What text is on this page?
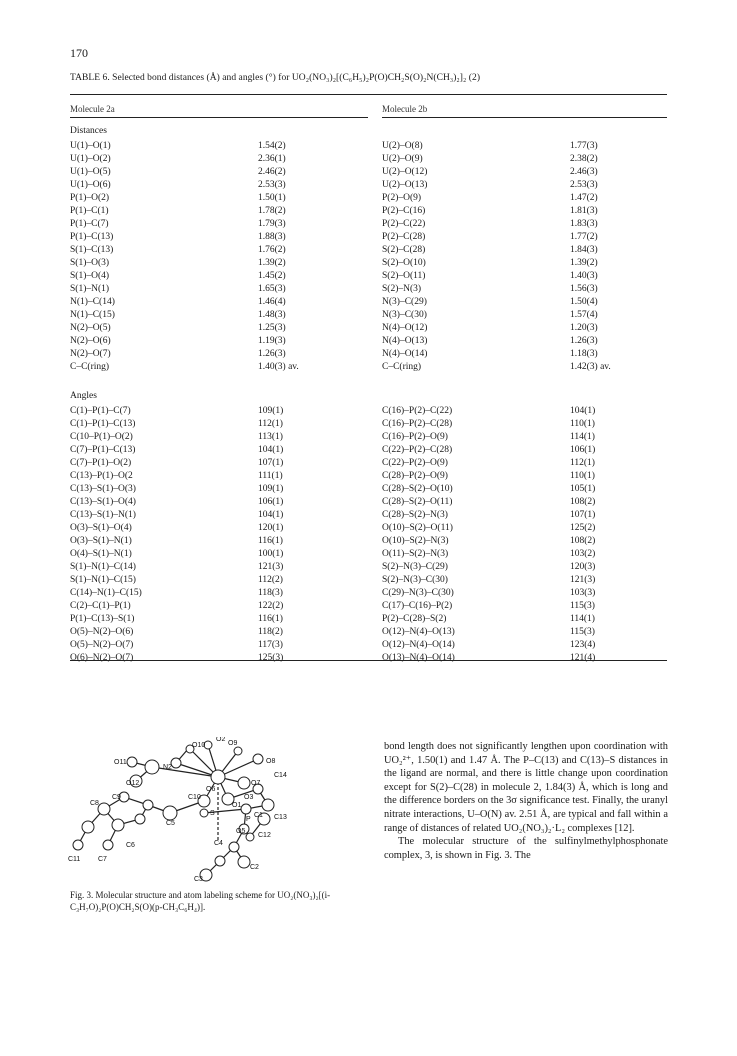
170
TABLE 6. Selected bond distances (Å) and angles (°) for UO₂(NO₃)₂[(C₆H₅)₂P(O)CH₂S(O)₂N(CH₃)₂]₂ (2)
Molecule 2a	Molecule 2b
Distances
U(1)–O(1)	1.54(2)	U(2)–O(8)	1.77(3)
U(1)–O(2)	2.36(1)	U(2)–O(9)	2.38(2)
U(1)–O(5)	2.46(2)	U(2)–O(12)	2.46(3)
U(1)–O(6)	2.53(3)	U(2)–O(13)	2.53(3)
P(1)–O(2)	1.50(1)	P(2)–O(9)	1.47(2)
P(1)–C(1)	1.78(2)	P(2)–C(16)	1.81(3)
P(1)–C(7)	1.79(3)	P(2)–C(22)	1.83(3)
P(1)–C(13)	1.88(3)	P(2)–C(28)	1.77(2)
S(1)–C(13)	1.76(2)	S(2)–C(28)	1.84(3)
S(1)–O(3)	1.39(2)	S(2)–O(10)	1.39(2)
S(1)–O(4)	1.45(2)	S(2)–O(11)	1.40(3)
S(1)–N(1)	1.65(3)	S(2)–N(3)	1.56(3)
N(1)–C(14)	1.46(4)	N(3)–C(29)	1.50(4)
N(1)–C(15)	1.48(3)	N(3)–C(30)	1.57(4)
N(2)–O(5)	1.25(3)	N(4)–O(12)	1.20(3)
N(2)–O(6)	1.19(3)	N(4)–O(13)	1.26(3)
N(2)–O(7)	1.26(3)	N(4)–O(14)	1.18(3)
C–C(ring)	1.40(3) av.	C–C(ring)	1.42(3) av.
Angles
C(1)–P(1)–C(7)	109(1)	C(16)–P(2)–C(22)	104(1)
C(1)–P(1)–C(13)	112(1)	C(16)–P(2)–C(28)	110(1)
C(10–P(1)–O(2)	113(1)	C(16)–P(2)–O(9)	114(1)
C(7)–P(1)–C(13)	104(1)	C(22)–P(2)–C(28)	106(1)
C(7)–P(1)–O(2)	107(1)	C(22)–P(2)–O(9)	112(1)
C(13)–P(1)–O(2	111(1)	C(28)–P(2)–O(9)	110(1)
C(13)–S(1)–O(3)	109(1)	C(28)–S(2)–O(10)	105(1)
C(13)–S(1)–O(4)	106(1)	C(28)–S(2)–O(11)	108(2)
C(13)–S(1)–N(1)	104(1)	C(28)–S(2)–N(3)	107(1)
O(3)–S(1)–O(4)	120(1)	O(10)–S(2)–O(11)	125(2)
O(3)–S(1)–N(1)	116(1)	O(10)–S(2)–N(3)	108(2)
O(4)–S(1)–N(1)	100(1)	O(11)–S(2)–N(3)	103(2)
S(1)–N(1)–C(14)	121(3)	S(2)–N(3)–C(29)	120(3)
S(1)–N(1)–C(15)	112(2)	S(2)–N(3)–C(30)	121(3)
C(14)–N(1)–C(15)	118(3)	C(29)–N(3)–C(30)	103(3)
C(2)–C(1)–P(1)	122(2)	C(17)–C(16)–P(2)	115(3)
P(1)–C(13)–S(1)	116(1)	P(2)–C(28)–S(2)	114(1)
O(5)–N(2)–O(6)	118(2)	O(12)–N(4)–O(13)	115(3)
O(5)–N(2)–O(7)	117(3)	O(12)–N(4)–O(14)	123(4)
O(6)–N(2)–O(7)	125(3)	O(13)–N(4)–O(14)	121(4)
O2
O9
O8
O10
O11
N2
O12	O7
C14
C10	O3
O6
O1
C13
C9
S
P
O5
C12
C8
C5
C1
C4
C11	C7
C6
C2
C3
Fig. 3. Molecular structure and atom labeling scheme for UO₂(NO₃)₂[(i-C₃H₇O)₂P(O)CH₂S(O)(p-CH₃C₆H₄)].

bond length does not significantly lengthen upon coordination with UO₂²⁺, 1.50(1) and 1.47 Å. The P–C(13) and C(13)–S distances in the ligand are normal, and there is little change upon coordination except for S(2)–C(28) in molecule 2, 1.84(3) Å, which is long and the difference borders on the 3σ significance test. Finally, the uranyl nitrate interactions, U–O(N) av. 2.51 Å, are typical and fall within a range of distances of related UO₂(NO₃)₂·L₂ complexes [12].

The molecular structure of the sulfinylmethylphosphonate complex, 3, is shown in Fig. 3. The
